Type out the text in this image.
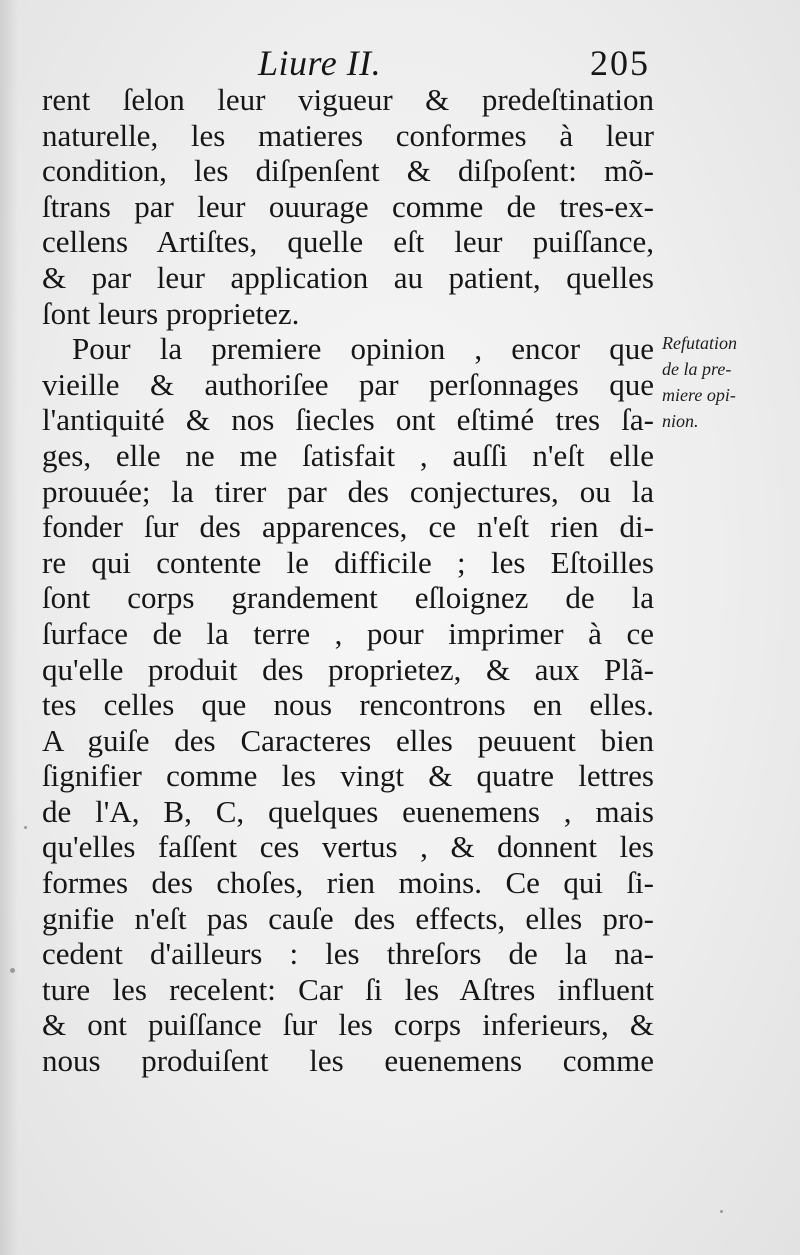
Liure II.	205
rent ſelon leur vigueur & predeſtination
naturelle, les matieres conformes à leur
condition, les diſpenſent & diſpoſent: mõ-
ſtrans par leur ouurage comme de tres-ex-
cellens Artiſtes, quelle eſt leur puiſſance,
& par leur application au patient, quelles
ſont leurs proprietez.
Pour la premiere opinion , encor que
vieille & authoriſee par perſonnages que
l'antiquité & nos ſiecles ont eſtimé tres ſa-
ges, elle ne me ſatisfait , auſſi n'eſt elle
prouuée; la tirer par des conjectures, ou la
fonder ſur des apparences, ce n'eſt rien di-
re qui contente le difficile ; les Eſtoilles
ſont corps grandement eſloignez de la
ſurface de la terre , pour imprimer à ce
qu'elle produit des proprietez, & aux Plã-
tes celles que nous rencontrons en elles.
A guiſe des Caracteres elles peuuent bien
ſignifier comme les vingt & quatre lettres
de l'A, B, C, quelques euenemens , mais
qu'elles faſſent ces vertus , & donnent les
formes des choſes, rien moins. Ce qui ſi-
gnifie n'eſt pas cauſe des effects, elles pro-
cedent d'ailleurs : les threſors de la na-
ture les recelent: Car ſi les Aſtres influent
& ont puiſſance ſur les corps inferieurs, &
nous produiſent les euenemens comme
Refutation
de la pre-
miere opi-
nion.
